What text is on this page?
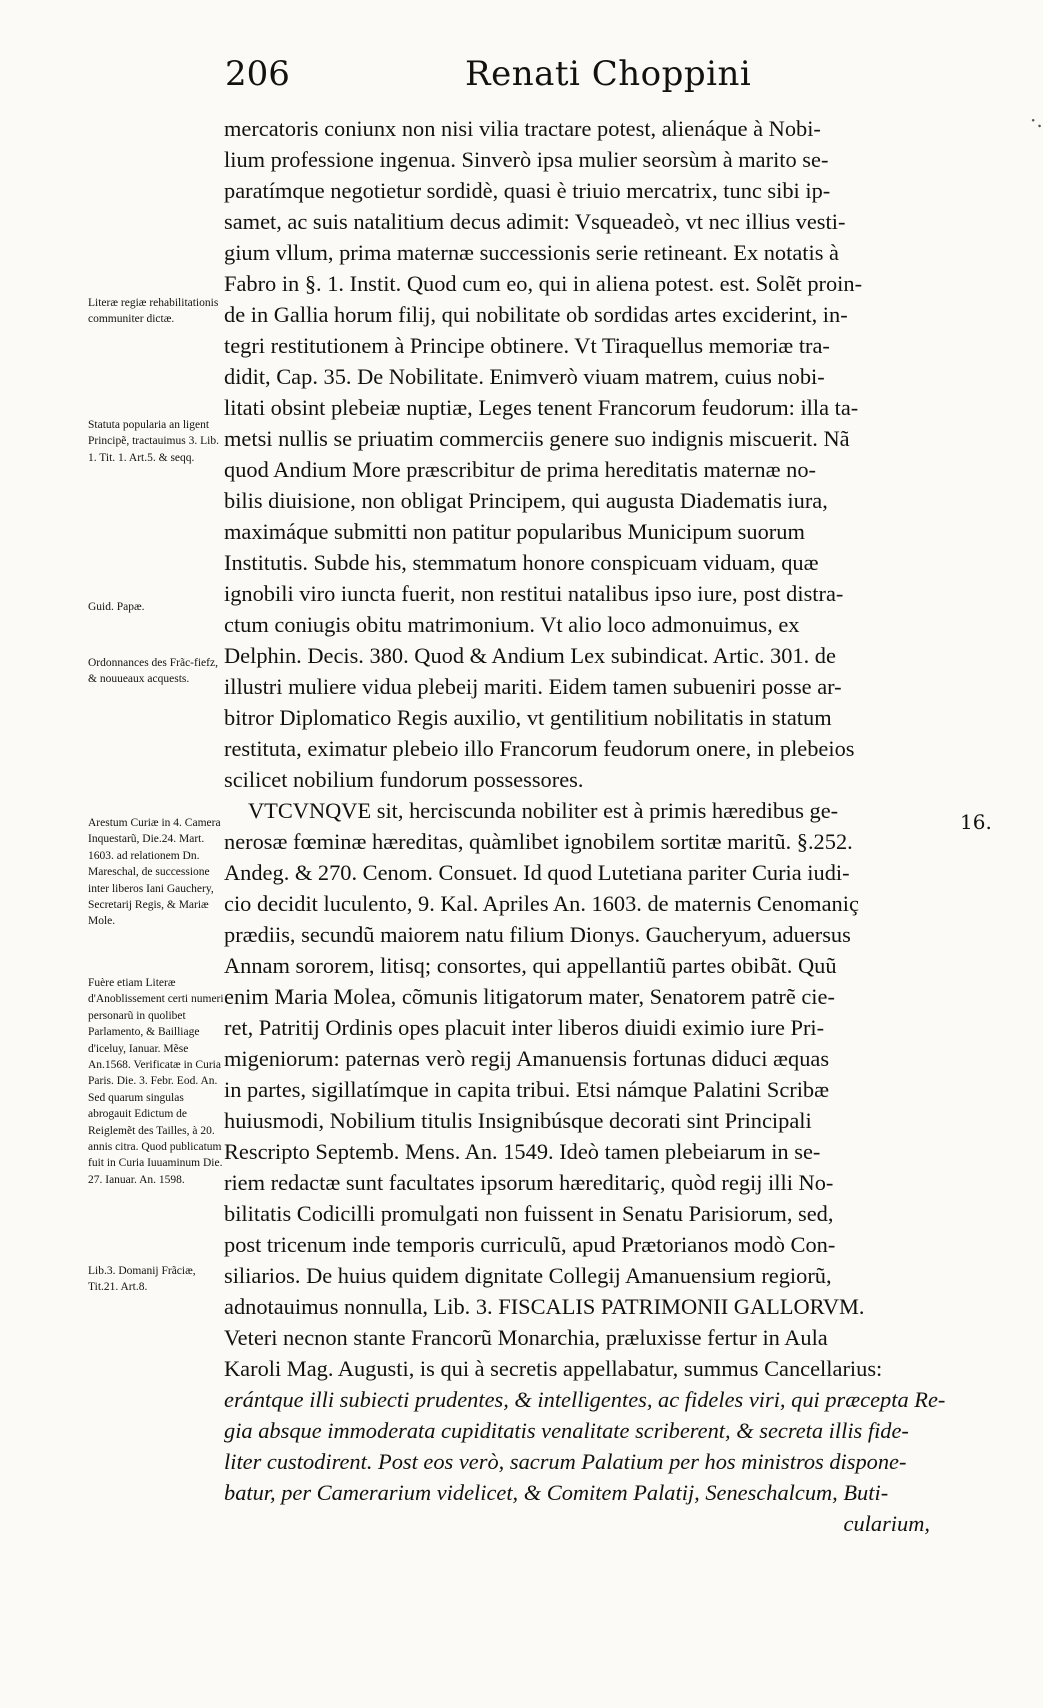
206	Renati Choppini
·.
Literæ regiæ rehabilitationis communiter dictæ.
Statuta popularia an ligent Principẽ, tractauimus 3. Lib. 1. Tit. 1. Art.5. & seqq.
Guid. Papæ.
Ordonnances des Frãc-fiefz, & nouueaux acquests.
Arestum Curiæ in 4. Camera Inquestarũ, Die.24. Mart. 1603. ad relationem Dn. Mareschal, de successione inter liberos Iani Gauchery, Secretarij Regis, & Mariæ Mole.
Fuère etiam Literæ d'Anoblissement certi numeri personarũ in quolibet Parlamento, & Bailliage d'iceluy, Ianuar. Mẽse An.1568. Verificatæ in Curia Paris. Die. 3. Febr. Eod. An. Sed quarum singulas abrogauit Edictum de Reiglemẽt des Tailles, à 20. annis citra. Quod publicatum fuit in Curia Iuuaminum Die. 27. Ianuar. An. 1598.
Lib.3. Domanij Frãciæ, Tit.21. Art.8.
mercatoris coniunx non nisi vilia tractare potest, alienáque à Nobi-
lium professione ingenua. Sinverò ipsa mulier seorsùm à marito se-
paratímque negotietur sordidè, quasi è triuio mercatrix, tunc sibi ip-
samet, ac suis natalitium decus adimit: Vsqueadeò, vt nec illius vesti-
gium vllum, prima maternæ successionis serie retineant. Ex notatis à
Fabro in §. 1. Instit. Quod cum eo, qui in aliena potest. est. Solẽt proin-
de in Gallia horum filij, qui nobilitate ob sordidas artes exciderint, in-
tegri restitutionem à Principe obtinere. Vt Tiraquellus memoriæ tra-
didit, Cap. 35. De Nobilitate. Enimverò viuam matrem, cuius nobi-
litati obsint plebeiæ nuptiæ, Leges tenent Francorum feudorum: illa ta-
metsi nullis se priuatim commerciis genere suo indignis miscuerit. Nã
quod Andium More præscribitur de prima hereditatis maternæ no-
bilis diuisione, non obligat Principem, qui augusta Diadematis iura,
maximáque submitti non patitur popularibus Municipum suorum
Institutis. Subde his, stemmatum honore conspicuam viduam, quæ
ignobili viro iuncta fuerit, non restitui natalibus ipso iure, post distra-
ctum coniugis obitu matrimonium. Vt alio loco admonuimus, ex
Delphin. Decis. 380. Quod & Andium Lex subindicat. Artic. 301. de
illustri muliere vidua plebeij mariti. Eidem tamen subueniri posse ar-
bitror Diplomatico Regis auxilio, vt gentilitium nobilitatis in statum
restituta, eximatur plebeio illo Francorum feudorum onere, in plebeios
scilicet nobilium fundorum possessores.
VTCVNQVE sit, herciscunda nobiliter est à primis hæredibus ge-
nerosæ fœminæ hæreditas, quàmlibet ignobilem sortitæ maritũ. §.252.
Andeg. & 270. Cenom. Consuet. Id quod Lutetiana pariter Curia iudi-
cio decidit luculento, 9. Kal. Apriles An. 1603. de maternis Cenomaniç
prædiis, secundũ maiorem natu filium Dionys. Gaucheryum, aduersus
Annam sororem, litisq; consortes, qui appellantiũ partes obibãt. Quũ
enim Maria Molea, cõmunis litigatorum mater, Senatorem patrẽ cie-
ret, Patritij Ordinis opes placuit inter liberos diuidi eximio iure Pri-
migeniorum: paternas verò regij Amanuensis fortunas diduci æquas
in partes, sigillatímque in capita tribui. Etsi námque Palatini Scribæ
huiusmodi, Nobilium titulis Insignibúsque decorati sint Principali
Rescripto Septemb. Mens. An. 1549. Ideò tamen plebeiarum in se-
riem redactæ sunt facultates ipsorum hæreditariç, quòd regij illi No-
bilitatis Codicilli promulgati non fuissent in Senatu Parisiorum, sed,
post tricenum inde temporis curriculũ, apud Prætorianos modò Con-
siliarios. De huius quidem dignitate Collegij Amanuensium regiorũ,
adnotauimus nonnulla, Lib. 3. FISCALIS PATRIMONII GALLORVM.
Veteri necnon stante Francorũ Monarchia, præluxisse fertur in Aula
Karoli Mag. Augusti, is qui à secretis appellabatur, summus Cancellarius:
erántque illi subiecti prudentes, & intelligentes, ac fideles viri, qui præcepta Re-
gia absque immoderata cupiditatis venalitate scriberent, & secreta illis fide-
liter custodirent. Post eos verò, sacrum Palatium per hos ministros dispone-
batur, per Camerarium videlicet, & Comitem Palatij, Seneschalcum, Buti-
cularium,
16.
